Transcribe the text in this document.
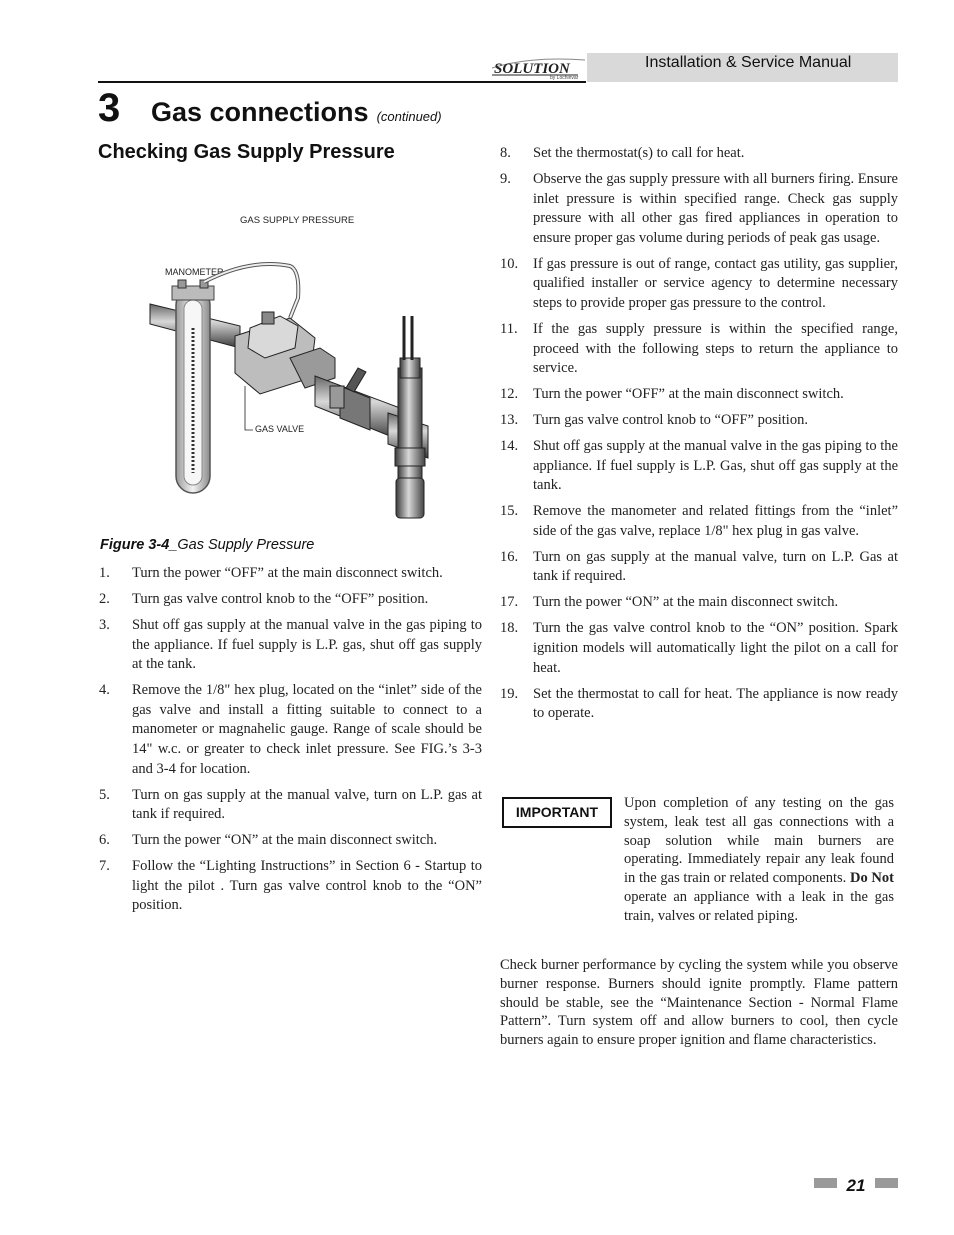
SOLUTION
by Lochinvar
Installation & Service Manual
3 Gas connections (continued)
Checking Gas Supply Pressure
GAS SUPPLY PRESSURE
MANOMETER
GAS VALVE
Figure 3-4_Gas Supply Pressure
1. Turn the power “OFF” at the main disconnect switch.
2. Turn gas valve control knob to the “OFF” position.
3. Shut off gas supply at the manual valve in the gas piping to the appliance. If fuel supply is L.P. gas, shut off gas supply at the tank.
4. Remove the 1/8" hex plug, located on the “inlet” side of the gas valve and install a fitting suitable to connect to a manometer or magnahelic gauge. Range of scale should be 14" w.c. or greater to check inlet pressure. See FIG.’s 3-3 and 3-4 for location.
5. Turn on gas supply at the manual valve, turn on L.P. gas at tank if required.
6. Turn the power “ON” at the main disconnect switch.
7. Follow the “Lighting Instructions” in Section 6 - Startup to light the pilot . Turn gas valve control knob to the “ON” position.
8. Set the thermostat(s) to call for heat.
9. Observe the gas supply pressure with all burners firing. Ensure inlet pressure is within specified range. Check gas supply pressure with all other gas fired appliances in operation to ensure proper gas volume during periods of peak gas usage.
10. If gas pressure is out of range, contact gas utility, gas supplier, qualified installer or service agency to determine necessary steps to provide proper gas pressure to the control.
11. If the gas supply pressure is within the specified range, proceed with the following steps to return the appliance to service.
12. Turn the power “OFF” at the main disconnect switch.
13. Turn gas valve control knob to “OFF” position.
14. Shut off gas supply at the manual valve in the gas piping to the appliance. If fuel supply is L.P. Gas, shut off gas supply at the tank.
15. Remove the manometer and related fittings from the “inlet” side of the gas valve, replace 1/8" hex plug in gas valve.
16. Turn on gas supply at the manual valve, turn on L.P. Gas at tank if required.
17. Turn the power “ON” at the main disconnect switch.
18. Turn the gas valve control knob to the “ON” position. Spark ignition models will automatically light the pilot on a call for heat.
19. Set the thermostat to call for heat. The appliance is now ready to operate.
IMPORTANT
Upon completion of any testing on the gas system, leak test all gas connections with a soap solution while main burners are operating. Immediately repair any leak found in the gas train or related components. Do Not operate an appliance with a leak in the gas train, valves or related piping.

Check burner performance by cycling the system while you observe burner response. Burners should ignite promptly. Flame pattern should be stable, see the “Maintenance Section - Normal Flame Pattern”. Turn system off and allow burners to cool, then cycle burners again to ensure proper ignition and flame characteristics.

21
